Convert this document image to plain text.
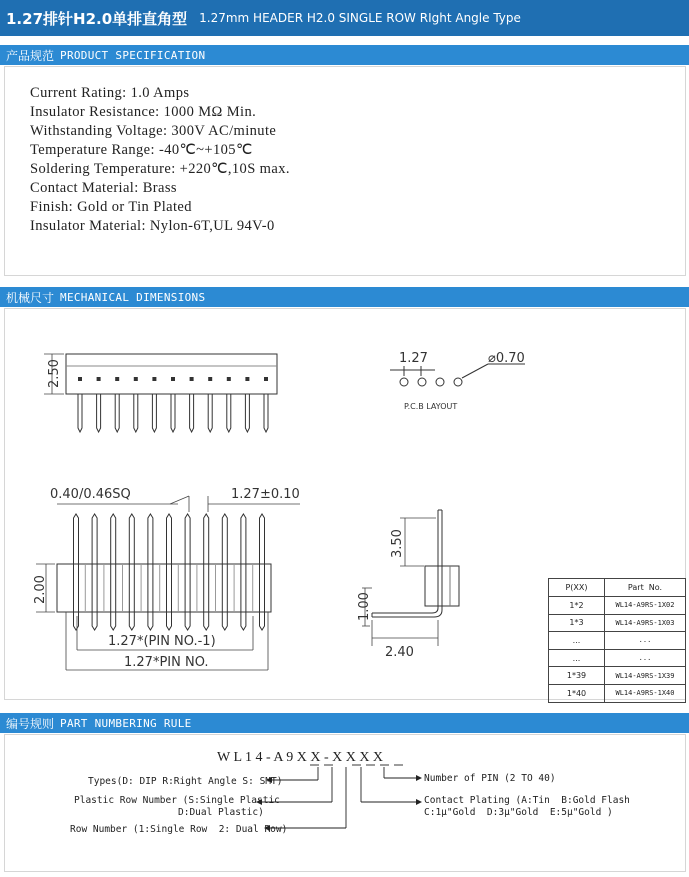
1.27排针H2.0单排直角型 1.27mm HEADER H2.0 SINGLE ROW RIght Angle Type
产品规范 PRODUCT SPECIFICATION
Current Rating: 1.0 Amps
Insulator Resistance: 1000 MΩ Min.
Withstanding Voltage: 300V AC/minute
Temperature Range: -40℃~+105℃
Soldering Temperature: +220℃,10S max.
Contact Material: Brass
Finish: Gold or Tin Plated
Insulator Material: Nylon-6T,UL 94V-0
机械尺寸 MECHANICAL DIMENSIONS
2.50
1.27	⌀0.70
P.C.B LAYOUT
0.40/0.46SQ	1.27±0.10
2.00
1.27*(PIN NO.-1)
1.27*PIN NO.
3.50
1.00
2.40
P(XX)	Part  No.
1*2	WL14-A9RS-1X02
1*3	WL14-A9RS-1X03
...	...
...	...
1*39	WL14-A9RS-1X39
1*40	WL14-A9RS-1X40
编号规则 PART NUMBERING RULE
W L 1 4 - A 9 X X - X X X X
Types(D: DIP R:Right Angle S: SMT)
Plastic Row Number (S:Single Plastic
D:Dual Plastic)
Row Number (1:Single Row  2: Dual Row)
Number of PIN (2 TO 40)
Contact Plating (A:Tin  B:Gold Flash
C:1μ"Gold  D:3μ"Gold  E:5μ"Gold )
